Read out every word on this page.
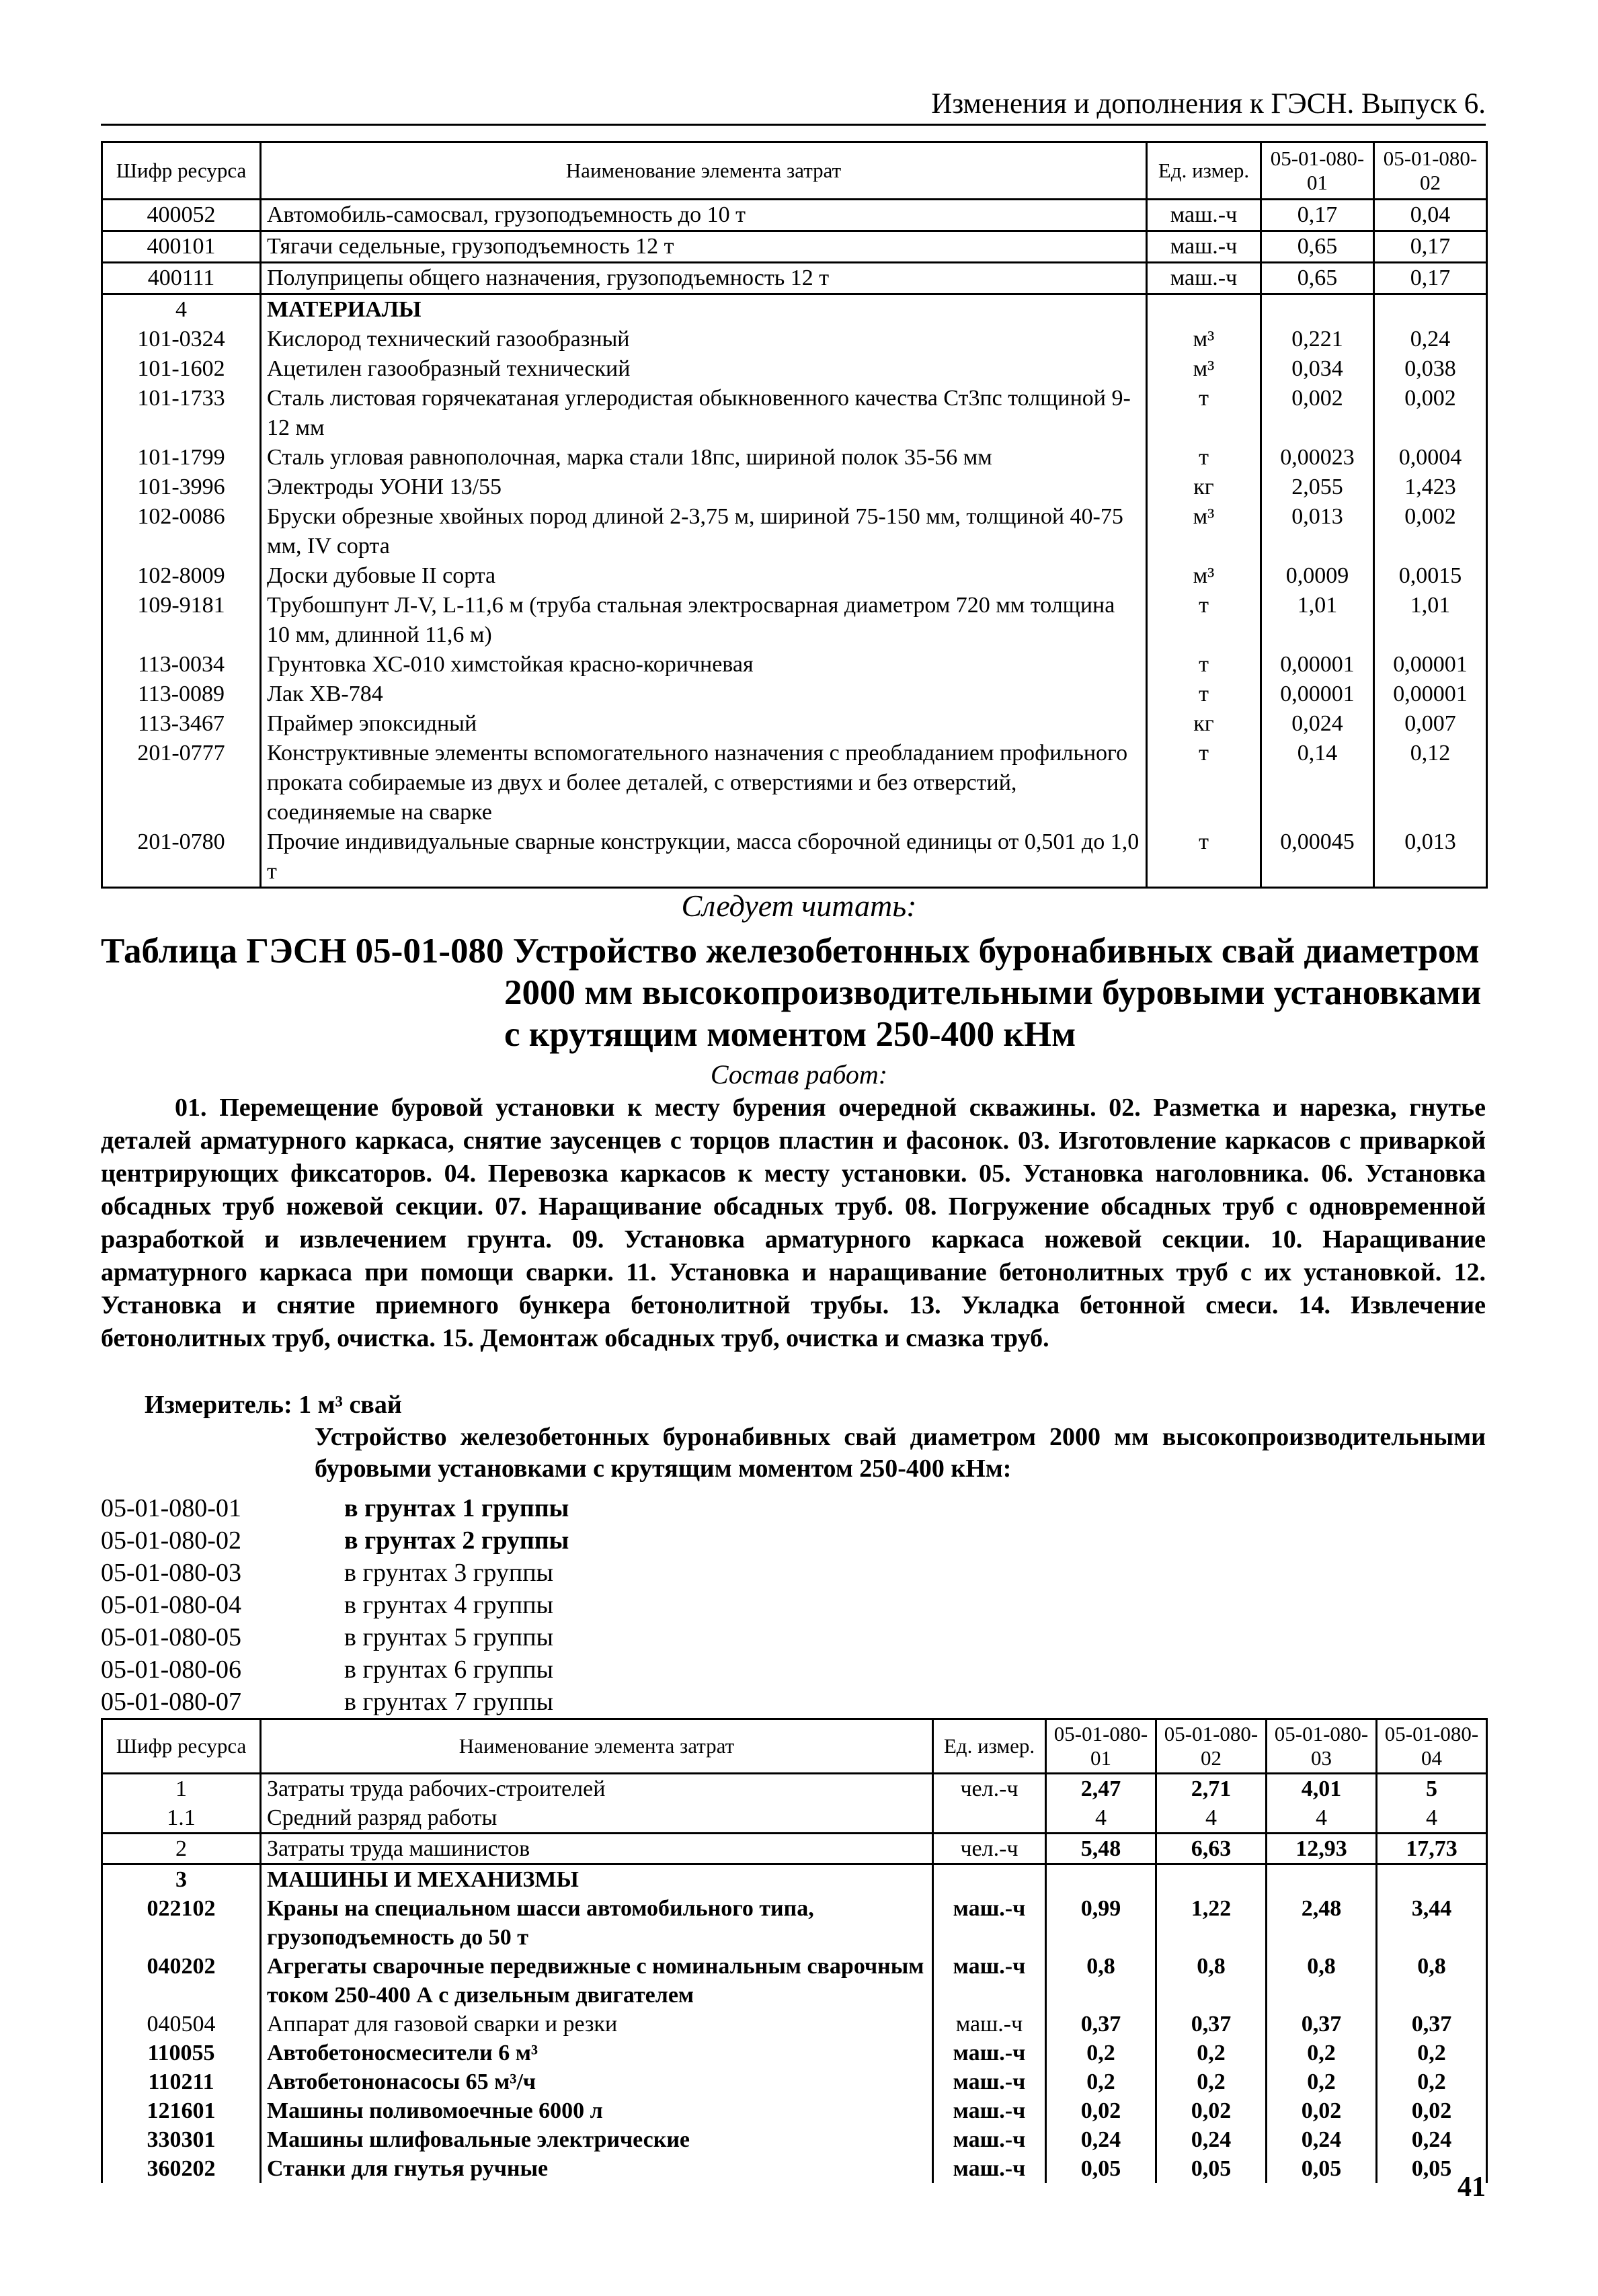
Изменения и дополнения к ГЭСН. Выпуск 6.
Шифр ресурса	Наименование элемента затрат	Ед. измер.	05-01-080-01	05-01-080-02
400052	Автомобиль-самосвал, грузоподъемность до 10 т	маш.-ч	0,17	0,04
400101	Тягачи седельные, грузоподъемность 12 т	маш.-ч	0,65	0,17
400111	Полуприцепы общего назначения, грузоподъемность 12 т	маш.-ч	0,65	0,17
4	МАТЕРИАЛЫ			
101-0324	Кислород технический газообразный	м³	0,221	0,24
101-1602	Ацетилен газообразный технический	м³	0,034	0,038
101-1733	Сталь листовая горячекатаная углеродистая обыкновенного качества Ст3пс толщиной 9-12 мм	т	0,002	0,002
101-1799	Сталь угловая равнополочная, марка стали 18пс, шириной полок 35-56 мм	т	0,00023	0,0004
101-3996	Электроды УОНИ 13/55	кг	2,055	1,423
102-0086	Бруски обрезные хвойных пород длиной 2-3,75 м, шириной 75-150 мм, толщиной 40-75 мм, IV сорта	м³	0,013	0,002
102-8009	Доски дубовые II сорта	м³	0,0009	0,0015
109-9181	Трубошпунт Л-V, L-11,6 м (труба стальная электросварная диаметром 720 мм толщина 10 мм, длинной 11,6 м)	т	1,01	1,01
113-0034	Грунтовка ХС-010 химстойкая красно-коричневая	т	0,00001	0,00001
113-0089	Лак ХВ-784	т	0,00001	0,00001
113-3467	Праймер эпоксидный	кг	0,024	0,007
201-0777	Конструктивные элементы вспомогательного назначения с преобладанием профильного проката собираемые из двух и более деталей, с отверстиями и без отверстий, соединяемые на сварке	т	0,14	0,12
201-0780	Прочие индивидуальные сварные конструкции, масса сборочной единицы от 0,501 до 1,0 т	т	0,00045	0,013
Следует читать:
Таблица ГЭСН 05-01-080 Устройство железобетонных буронабивных свай диаметром 2000 мм высокопроизводительными буровыми установками с крутящим моментом 250-400 кНм
Состав работ:
01. Перемещение буровой установки к месту бурения очередной скважины. 02. Разметка и нарезка, гнутье деталей арматурного каркаса, снятие заусенцев с торцов пластин и фасонок. 03. Изготовление каркасов с приваркой центрирующих фиксаторов. 04. Перевозка каркасов к месту установки. 05. Установка наголовника. 06. Установка обсадных труб ножевой секции. 07. Наращивание обсадных труб. 08. Погружение обсадных труб с одновременной разработкой и извлечением грунта. 09. Установка арматурного каркаса ножевой секции. 10. Наращивание арматурного каркаса при помощи сварки. 11. Установка и наращивание бетонолитных труб с их установкой. 12. Установка и снятие приемного бункера бетонолитной трубы. 13. Укладка бетонной смеси. 14. Извлечение бетонолитных труб, очистка. 15. Демонтаж обсадных труб, очистка и смазка труб.
Измеритель: 1 м³ свай
Устройство железобетонных буронабивных свай диаметром 2000 мм высокопроизводительными буровыми установками с крутящим моментом 250-400 кНм:
05-01-080-01	в грунтах 1 группы
05-01-080-02	в грунтах 2 группы
05-01-080-03	в грунтах 3 группы
05-01-080-04	в грунтах 4 группы
05-01-080-05	в грунтах 5 группы
05-01-080-06	в грунтах 6 группы
05-01-080-07	в грунтах 7 группы
Шифр ресурса	Наименование элемента затрат	Ед. измер.	05-01-080-01	05-01-080-02	05-01-080-03	05-01-080-04
1	Затраты труда рабочих-строителей	чел.-ч	2,47	2,71	4,01	5
1.1	Средний разряд работы		4	4	4	4
2	Затраты труда машинистов	чел.-ч	5,48	6,63	12,93	17,73
3	МАШИНЫ И МЕХАНИЗМЫ					
022102	Краны на специальном шасси автомобильного типа, грузоподъемность до 50 т	маш.-ч	0,99	1,22	2,48	3,44
040202	Агрегаты сварочные передвижные с номинальным сварочным током 250-400 А с дизельным двигателем	маш.-ч	0,8	0,8	0,8	0,8
040504	Аппарат для газовой сварки и резки	маш.-ч	0,37	0,37	0,37	0,37
110055	Автобетоносмесители 6 м³	маш.-ч	0,2	0,2	0,2	0,2
110211	Автобетононасосы 65 м³/ч	маш.-ч	0,2	0,2	0,2	0,2
121601	Машины поливомоечные 6000 л	маш.-ч	0,02	0,02	0,02	0,02
330301	Машины шлифовальные электрические	маш.-ч	0,24	0,24	0,24	0,24
360202	Станки для гнутья ручные	маш.-ч	0,05	0,05	0,05	0,05
41
